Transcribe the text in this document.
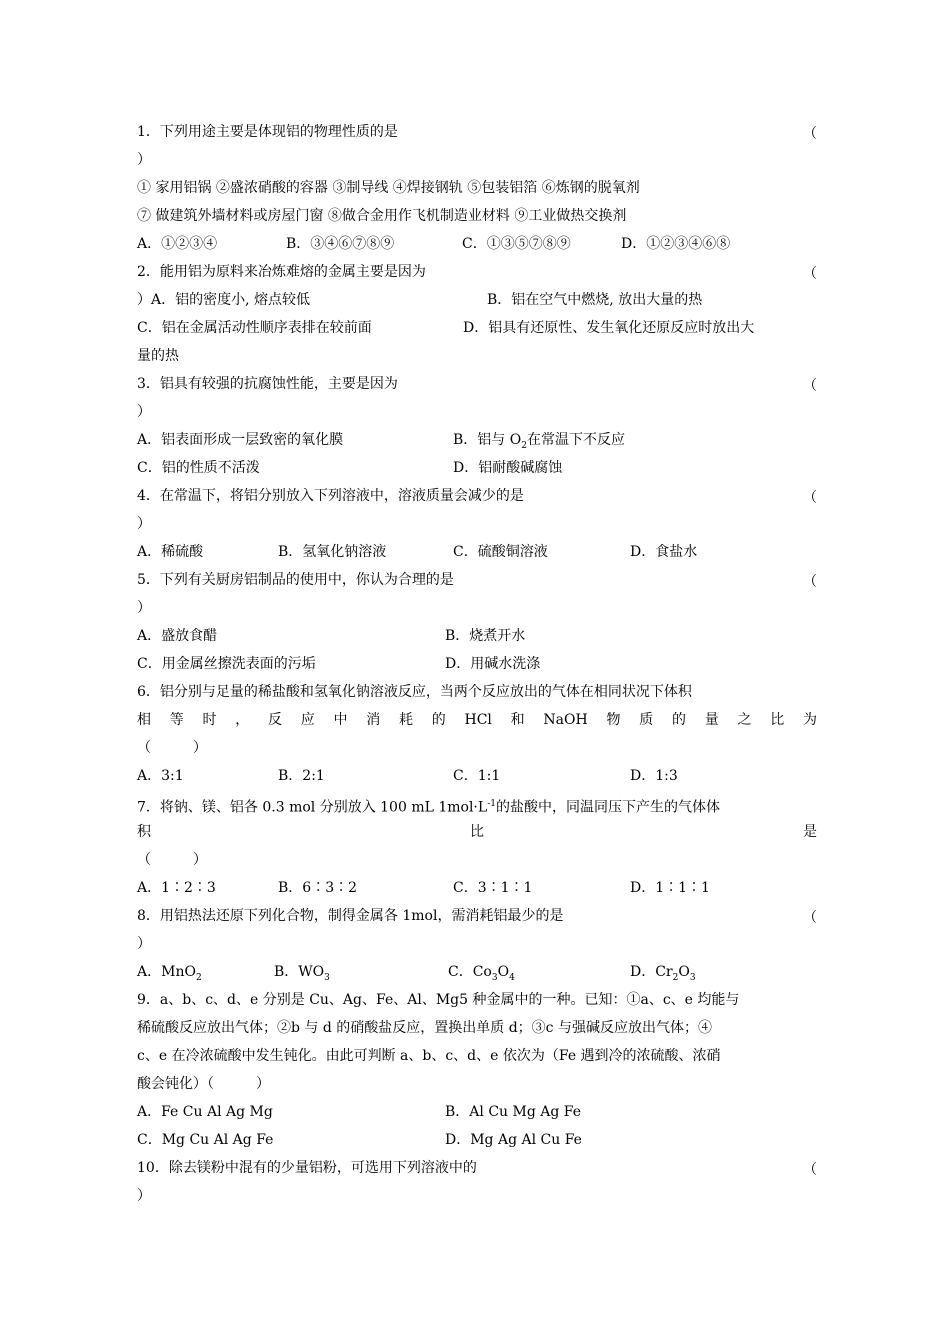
1．下列用途主要是体现铝的物理性质的是	（
）
① 家用铝锅 ②盛浓硝酸的容器 ③制导线 ④焊接钢轨 ⑤包装铝箔 ⑥炼钢的脱氧剂
⑦ 做建筑外墙材料或房屋门窗 ⑧做合金用作飞机制造业材料 ⑨工业做热交换剂
A．①②③④	B．③④⑥⑦⑧⑨	C．①③⑤⑦⑧⑨	D．①②③④⑥⑧
2．能用铝为原料来冶炼难熔的金属主要是因为	（
）A．铝的密度小, 熔点较低	B．铝在空气中燃烧, 放出大量的热
C．铝在金属活动性顺序表排在较前面	D．铝具有还原性、发生氧化还原反应时放出大
量的热
3．铝具有较强的抗腐蚀性能，主要是因为	（
）
A．铝表面形成一层致密的氧化膜	B．铝与 $O_2$在常温下不反应
C．铝的性质不活泼	D．铝耐酸碱腐蚀
4．在常温下，将铝分别放入下列溶液中，溶液质量会减少的是	（
）
A．稀硫酸	B．氢氧化钠溶液	C．硫酸铜溶液	D．食盐水
5．下列有关厨房铝制品的使用中，你认为合理的是	（
）
A．盛放食醋	B．烧煮开水
C．用金属丝擦洗表面的污垢	D．用碱水洗涤
6．铝分别与足量的稀盐酸和氢氧化钠溶液反应，当两个反应放出的气体在相同状况下体积
相 等 时 ， 反 应 中 消 耗 的 HCl 和 NaOH 物 质 的 量 之 比 为
（　　　）
A．3:1	B．2:1	C．1:1	D．1:3
7．将钠、镁、铝各 0.3 mol 分别放入 100 mL $1mol\cdot L^{-1}$的盐酸中，同温同压下产生的气体体
积	比	是
（　　　）
A．1∶2∶3	B．6∶3∶2	C．3∶1∶1	D．1∶1∶1
8．用铝热法还原下列化合物，制得金属各 1mol，需消耗铝最少的是	（
）
A．MnO$_2$	B．$WO_3$	C．$Co_3O_4$	D．$Cr_2O_3$
9．a、b、c、d、e 分别是 Cu、Ag、Fe、Al、Mg5 种金属中的一种。已知：①a、c、e 均能与
稀硫酸反应放出气体；②b 与 d 的硝酸盐反应，置换出单质 d；③c 与强碱反应放出气体；④
c、e 在冷浓硫酸中发生钝化。由此可判断 a、b、c、d、e 依次为（Fe 遇到冷的浓硫酸、浓硝
酸会钝化）（　　　）
A．Fe Cu Al Ag Mg	B．Al Cu Mg Ag Fe
C．Mg Cu Al Ag Fe	D．Mg Ag Al Cu Fe
10．除去镁粉中混有的少量铝粉，可选用下列溶液中的	（
）
